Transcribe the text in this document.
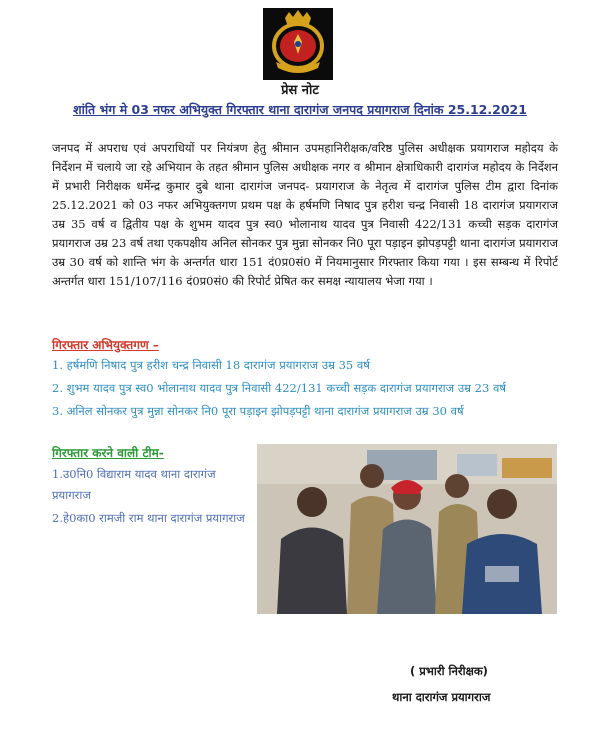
प्रेस नोट
शांति भंग मे 03 नफर अभियुक्त गिरफ्तार थाना दारागंज जनपद प्रयागराज दिनांक 25.12.2021
जनपद में अपराध एवं अपराधियों पर नियंत्रण हेतु श्रीमान उपमहानिरीक्षक/वरिष्ठ पुलिस अधीक्षक प्रयागराज महोदय के निर्देशन में चलाये जा रहे अभियान के तहत श्रीमान पुलिस अधीक्षक नगर व श्रीमान क्षेत्राधिकारी दारागंज महोदय के निर्देशन में प्रभारी निरीक्षक धर्मेन्द्र कुमार दुबे थाना दारागंज जनपद- प्रयागराज के नेतृत्व में दारागंज पुलिस टीम द्वारा दिनांक 25.12.2021 को 03 नफर अभियुक्तगण प्रथम पक्ष के हर्षमणि निषाद पुत्र हरीश चन्द्र निवासी 18 दारागंज प्रयागराज उम्र 35 वर्ष व द्वितीय पक्ष के शुभम यादव पुत्र स्व0 भोलानाथ यादव पुत्र निवासी 422/131 कच्ची सड़क दारागंज प्रयागराज उम्र 23 वर्ष तथा एकपक्षीय अनिल सोनकर पुत्र मुन्ना सोनकर नि0 पूरा पड़ाइन झोपड़पट्टी थाना दारागंज प्रयागराज उम्र 30 वर्ष को शान्ति भंग के अन्तर्गत धारा 151 दं0प्र0सं0 में नियमानुसार गिरफ्तार किया गया । इस सम्बन्ध में रिपोर्ट अन्तर्गत धारा 151/107/116 दं0प्र0सं0 की रिपोर्ट प्रेषित कर समक्ष न्यायालय भेजा गया ।
गिरफ्तार अभियुक्तगण –
1. हर्षमणि निषाद पुत्र हरीश चन्द्र निवासी 18 दारागंज प्रयागराज उम्र 35 वर्ष
2. शुभम यादव पुत्र स्व0 भोलानाथ यादव पुत्र निवासी 422/131 कच्ची सड़क दारागंज प्रयागराज उम्र 23 वर्ष
3. अनिल सोनकर पुत्र मुन्ना सोनकर नि0 पूरा पड़ाइन झोपड़पट्टी थाना दारागंज प्रयागराज उम्र 30 वर्ष
गिरफ्तार करने वाली टीम-
1.उ0नि0 विद्याराम यादव थाना दारागंज प्रयागराज
2.हे0का0 रामजी राम थाना दारागंज प्रयागराज
( प्रभारी निरीक्षक)
थाना दारागंज प्रयागराज
